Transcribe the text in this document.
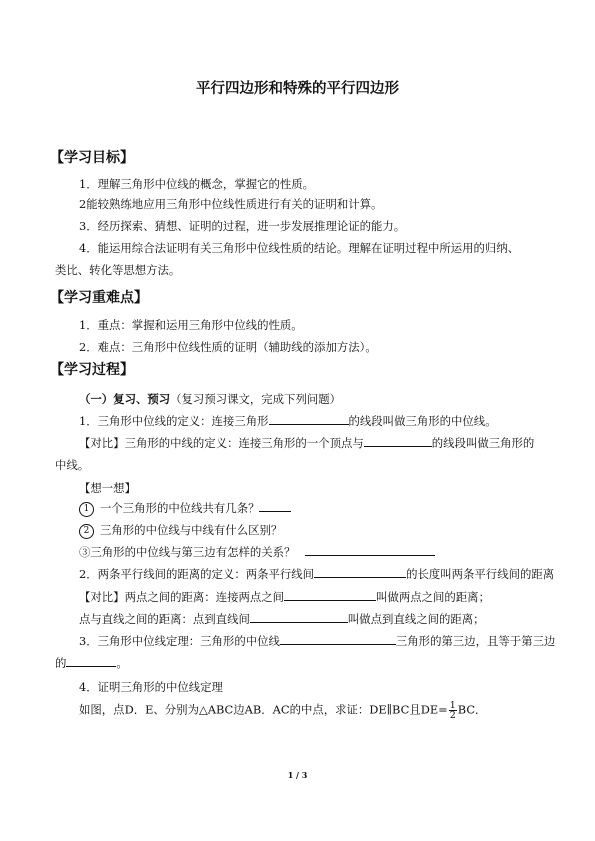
平行四边形和特殊的平行四边形
【学习目标】
1．理解三角形中位线的概念，掌握它的性质。
2能较熟练地应用三角形中位线性质进行有关的证明和计算。
3．经历探索、猜想、证明的过程，进一步发展推理论证的能力。
4．能运用综合法证明有关三角形中位线性质的结论。理解在证明过程中所运用的归纳、
类比、转化等思想方法。
【学习重难点】
1．重点：掌握和运用三角形中位线的性质。
2．难点：三角形中位线性质的证明（辅助线的添加方法）。
【学习过程】
（一）复习、预习（复习预习课文，完成下列问题）
1．三角形中位线的定义：连接三角形	的线段叫做三角形的中位线。
【对比】三角形的中线的定义：连接三角形的一个顶点与	的线段叫做三角形的
中线。
【想一想】
1 一个三角形的中位线共有几条？
2 三角形的中位线与中线有什么区别？
③三角形的中位线与第三边有怎样的关系？
2．两条平行线间的距离的定义：两条平行线间	的长度叫两条平行线间的距离
【对比】两点之间的距离：连接两点之间	叫做两点之间的距离；
点与直线之间的距离：点到直线间	叫做点到直线之间的距离；
3．三角形中位线定理：三角形的中位线	三角形的第三边，且等于第三边
的	。
4．证明三角形的中位线定理
如图，点D．E、分别为△ABC边AB．AC的中点，求证：DE∥BC且$DE= \frac{1}{2}$ BC．
1 / 3
